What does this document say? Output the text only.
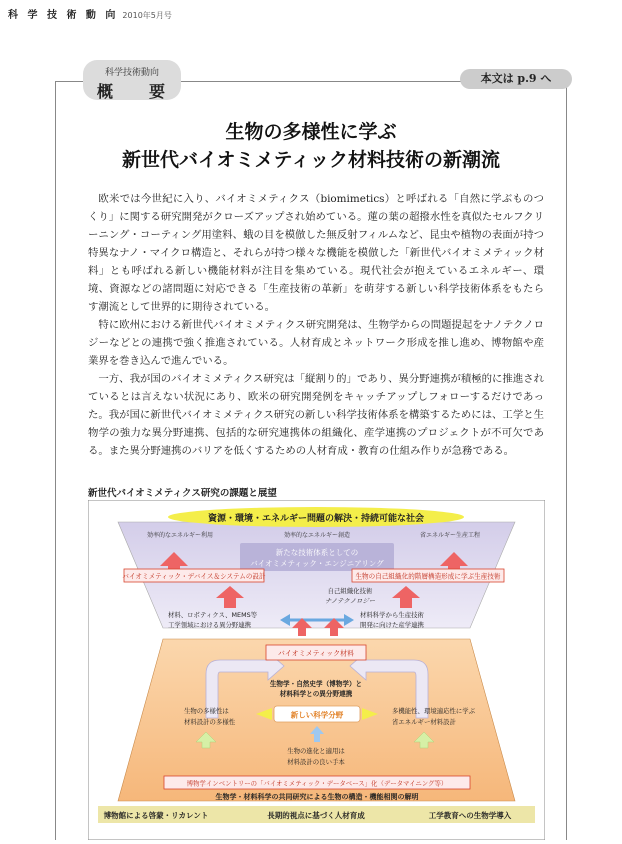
科 学 技 術 動 向 2010年5月号
科学技術動向
概　要
本文は p.9 へ
生物の多様性に学ぶ
新世代バイオミメティック材料技術の新潮流

欧米では今世紀に入り、バイオミメティクス（biomimetics）と呼ばれる「自然に学ぶものつくり」に関する研究開発がクローズアップされ始めている。蓮の葉の超撥水性を真似たセルフクリーニング・コーティング用塗料、蛾の目を模倣した無反射フィルムなど、昆虫や植物の表面が持つ特異なナノ・マイクロ構造と、それらが持つ様々な機能を模倣した「新世代バイオミメティック材料」とも呼ばれる新しい機能材料が注目を集めている。現代社会が抱えているエネルギー、環境、資源などの諸問題に対応できる「生産技術の革新」を萌芽する新しい科学技術体系をもたらす潮流として世界的に期待されている。

特に欧州における新世代バイオミメティクス研究開発は、生物学からの問題提起をナノテクノロジーなどとの連携で強く推進されている。人材育成とネットワーク形成を推し進め、博物館や産業界を巻き込んで進んでいる。

一方、我が国のバイオミメティクス研究は「縦割り的」であり、異分野連携が積極的に推進されているとは言えない状況にあり、欧米の研究開発例をキャッチアップしフォローするだけであった。我が国に新世代バイオミメティクス研究の新しい科学技術体系を構築するためには、工学と生物学の強力な異分野連携、包括的な研究連携体の組織化、産学連携のプロジェクトが不可欠である。また異分野連携のバリアを低くするための人材育成・教育の仕組み作りが急務である。

新世代バイオミメティクス研究の課題と展望
資源・環境・エネルギー問題の解決・持続可能な社会
効率的なエネルギー利用	効率的なエネルギー創造	省エネルギー生産工程
新たな技術体系としての
バイオミメティック・エンジニアリング
バイオミメティック・デバイス＆システムの設計	生物の自己組織化的階層構造形成に学ぶ生産技術
自己組織化技術
ナノテクノロジー
材料、ロボティクス、MEMS等
工学領域における異分野連携
材料科学から生産技術
開発に向けた産学連携
バイオミメティック材料
生物学・自然史学（博物学）と
材料科学との異分野連携
生物の多様性は
材料設計の多様性
多機能性、環境適応性に学ぶ
省エネルギー材料設計
新しい科学分野
生物の進化と適用は
材料設計の良い手本
博物学インベントリーの「バイオミメティック・データベース」化（データマイニング等）
生物学・材料科学の共同研究による生物の構造・機能相関の解明
博物館による啓蒙・リカレント	長期的視点に基づく人材育成	工学教育への生物学導入
